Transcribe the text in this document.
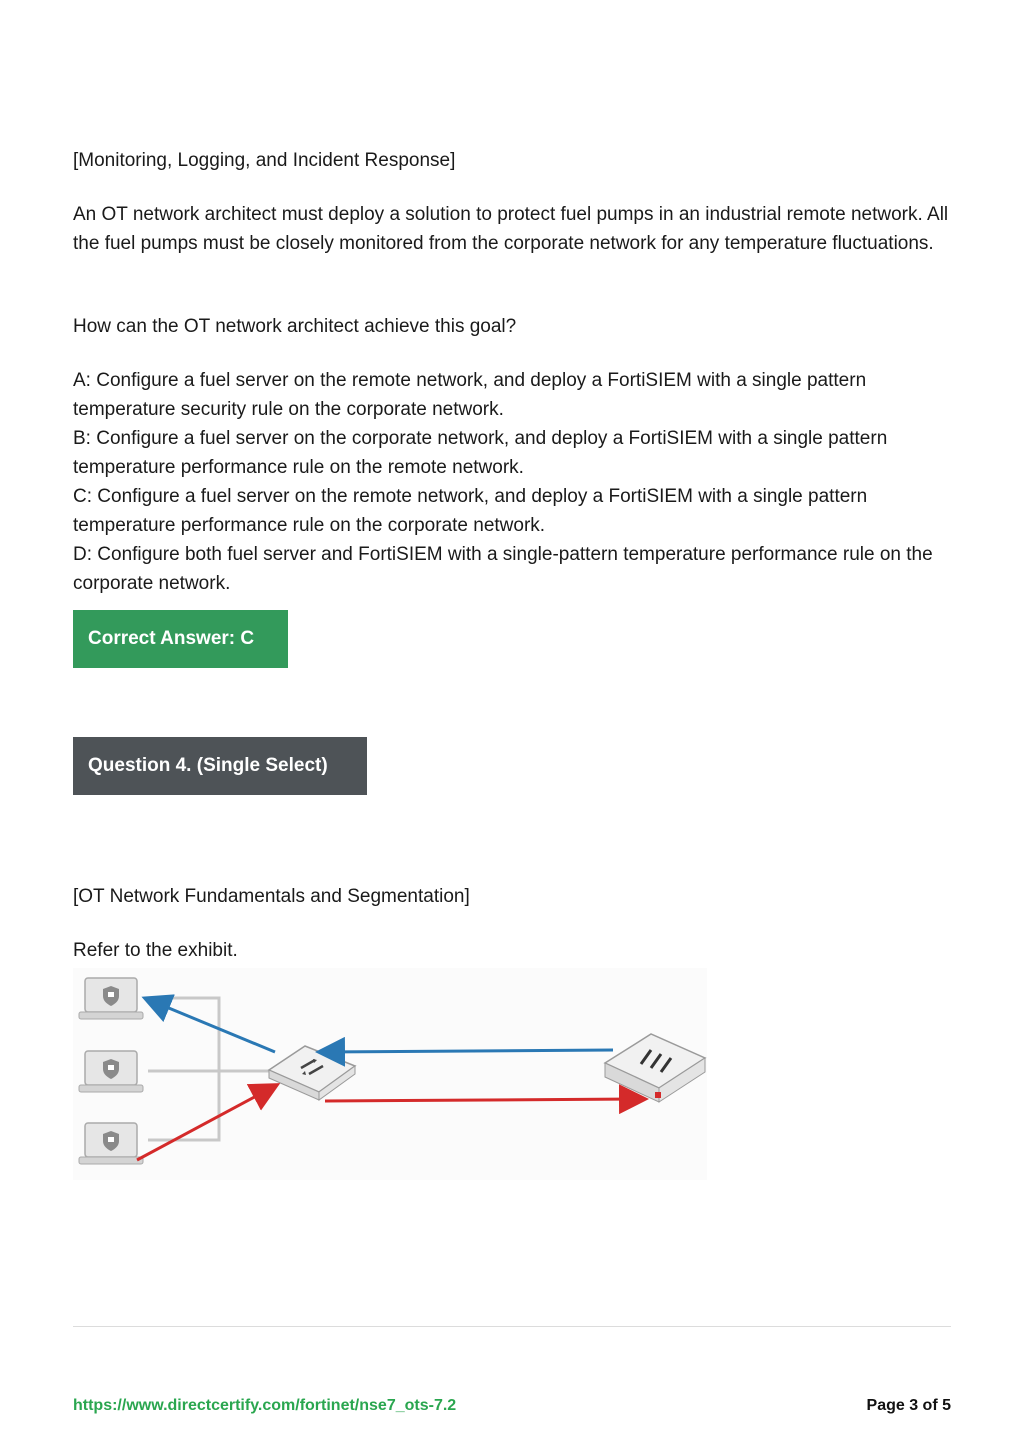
[Monitoring, Logging, and Incident Response]

An OT network architect must deploy a solution to protect fuel pumps in an industrial remote network. All the fuel pumps must be closely monitored from the corporate network for any temperature fluctuations.

How can the OT network architect achieve this goal?

A: Configure a fuel server on the remote network, and deploy a FortiSIEM with a single pattern temperature security rule on the corporate network.
B: Configure a fuel server on the corporate network, and deploy a FortiSIEM with a single pattern temperature performance rule on the remote network.
C: Configure a fuel server on the remote network, and deploy a FortiSIEM with a single pattern temperature performance rule on the corporate network.
D: Configure both fuel server and FortiSIEM with a single-pattern temperature performance rule on the corporate network.
Correct Answer: C
Question 4. (Single Select)

[OT Network Fundamentals and Segmentation]

Refer to the exhibit.

https://www.directcertify.com/fortinet/nse7_ots-7.2	Page 3 of 5
